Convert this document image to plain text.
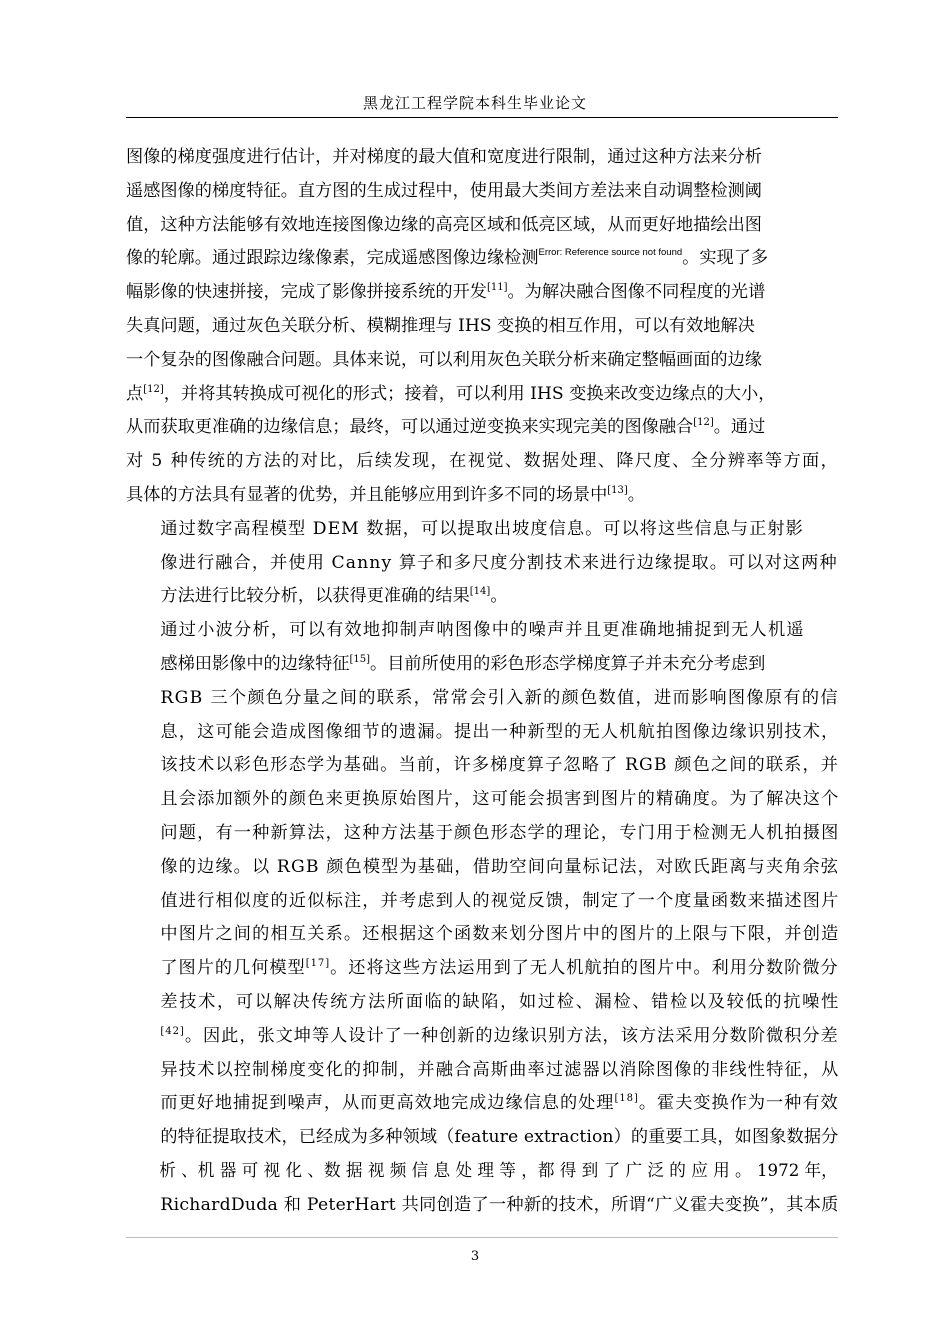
黑龙江工程学院本科生毕业论文

图像的梯度强度进行估计，并对梯度的最大值和宽度进行限制，通过这种方法来分析
遥感图像的梯度特征。直方图的生成过程中，使用最大类间方差法来自动调整检测阈
值，这种方法能够有效地连接图像边缘的高亮区域和低亮区域，从而更好地描绘出图
像的轮廓。通过跟踪边缘像素，完成遥感图像边缘检测$^{Error: Reference source not found}$。实现了多
幅影像的快速拼接，完成了影像拼接系统的开发[11]。为解决融合图像不同程度的光谱
失真问题，通过灰色关联分析、模糊推理与 IHS 变换的相互作用，可以有效地解决
一个复杂的图像融合问题。具体来说，可以利用灰色关联分析来确定整幅画面的边缘
点[12]，并将其转换成可视化的形式；接着，可以利用 IHS 变换来改变边缘点的大小，
从而获取更准确的边缘信息；最终，可以通过逆变换来实现完美的图像融合[12]。通过
对 5 种传统的方法的对比，后续发现，在视觉、数据处理、降尺度、全分辨率等方面，
具体的方法具有显著的优势，并且能够应用到许多不同的场景中[13]。

通过数字高程模型 DEM 数据，可以提取出坡度信息。可以将这些信息与正射影
像进行融合，并使用 Canny 算子和多尺度分割技术来进行边缘提取。可以对这两种
方法进行比较分析，以获得更准确的结果[14]。

通过小波分析，可以有效地抑制声呐图像中的噪声并且更准确地捕捉到无人机遥
感梯田影像中的边缘特征[15]。目前所使用的彩色形态学梯度算子并未充分考虑到
RGB 三个颜色分量之间的联系，常常会引入新的颜色数值，进而影响图像原有的信
息，这可能会造成图像细节的遗漏。提出一种新型的无人机航拍图像边缘识别技术，
该技术以彩色形态学为基础。当前，许多梯度算子忽略了 RGB 颜色之间的联系，并
且会添加额外的颜色来更换原始图片，这可能会损害到图片的精确度。为了解决这个
问题，有一种新算法，这种方法基于颜色形态学的理论，专门用于检测无人机拍摄图
像的边缘。以 RGB 颜色模型为基础，借助空间向量标记法，对欧氏距离与夹角余弦
值进行相似度的近似标注，并考虑到人的视觉反馈，制定了一个度量函数来描述图片
中图片之间的相互关系。还根据这个函数来划分图片中的图片的上限与下限，并创造
了图片的几何模型[17]。还将这些方法运用到了无人机航拍的图片中。利用分数阶微分
差技术，可以解决传统方法所面临的缺陷，如过检、漏检、错检以及较低的抗噪性
[42]。因此，张文坤等人设计了一种创新的边缘识别方法，该方法采用分数阶微积分差
异技术以控制梯度变化的抑制，并融合高斯曲率过滤器以消除图像的非线性特征，从
而更好地捕捉到噪声，从而更高效地完成边缘信息的处理[18]。霍夫变换作为一种有效
的特征提取技术，已经成为多种领域（feature extraction）的重要工具，如图象数据分
析 、机 器 可 视 化 、数 据 视 频 信 息 处 理 等 ，都 得 到 了 广 泛 的 应 用 。 1972 年，
RichardDuda 和 PeterHart 共同创造了一种新的技术，所谓“广义霍夫变换”，其本质

3
